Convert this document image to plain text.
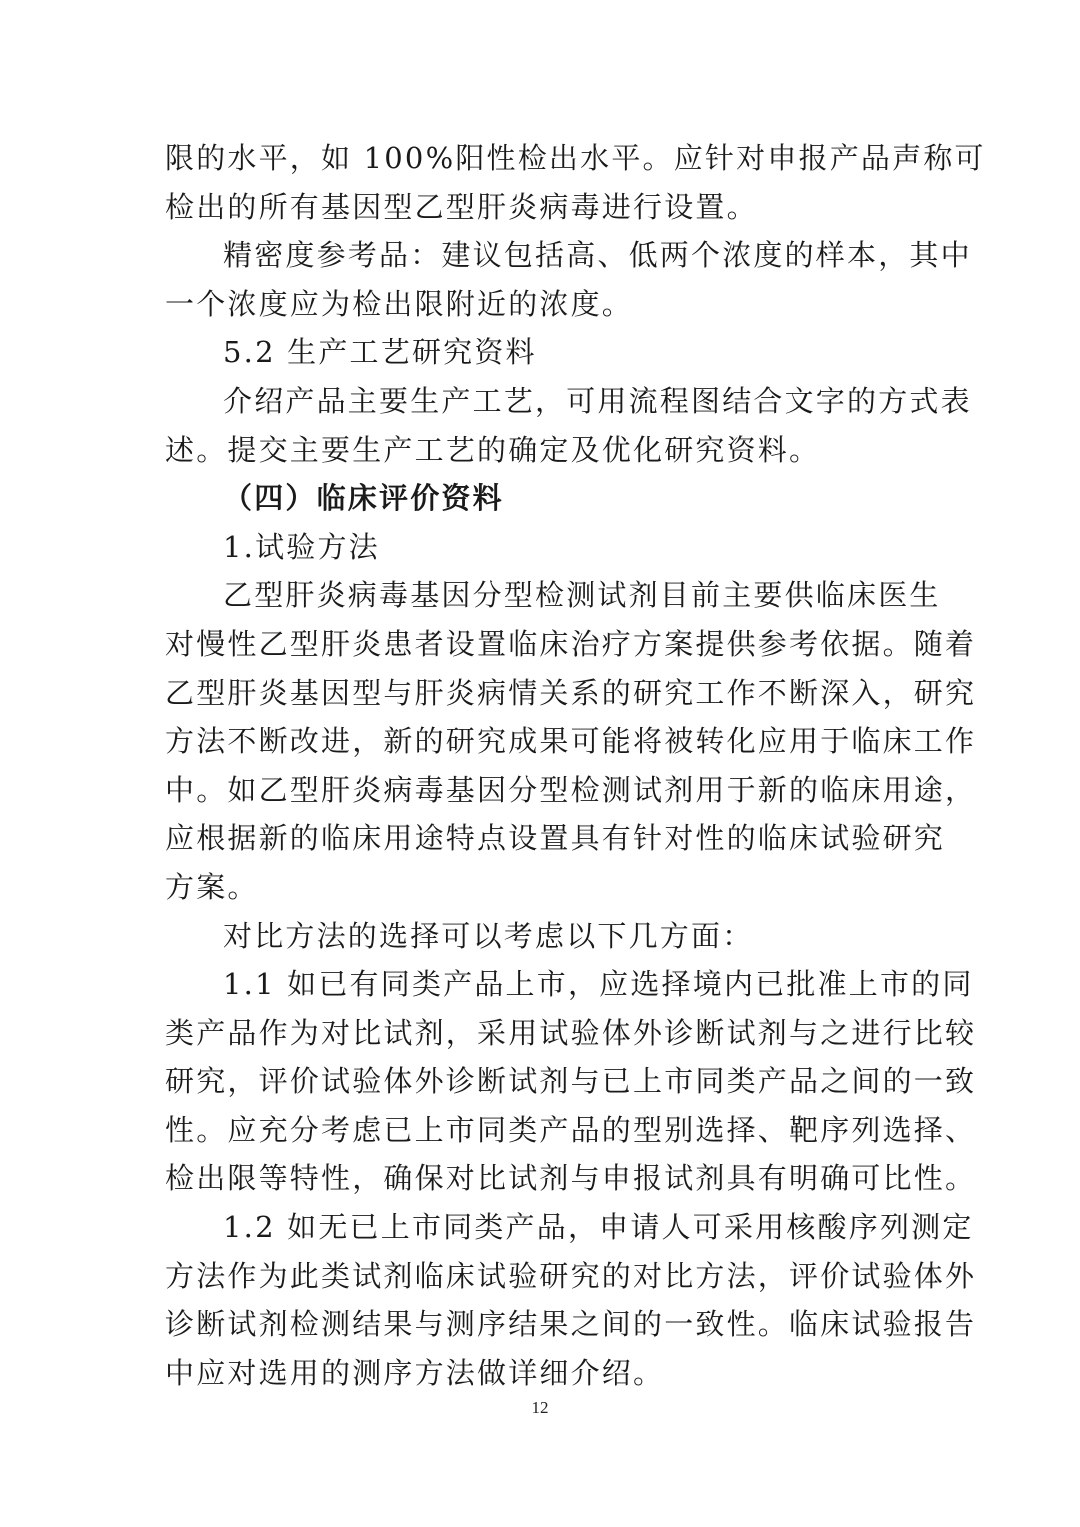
限的水平，如 100%阳性检出水平。应针对申报产品声称可
检出的所有基因型乙型肝炎病毒进行设置。

精密度参考品：建议包括高、低两个浓度的样本，其中
一个浓度应为检出限附近的浓度。

5.2 生产工艺研究资料

介绍产品主要生产工艺，可用流程图结合文字的方式表
述。提交主要生产工艺的确定及优化研究资料。

（四）临床评价资料

1.试验方法

乙型肝炎病毒基因分型检测试剂目前主要供临床医生
对慢性乙型肝炎患者设置临床治疗方案提供参考依据。随着
乙型肝炎基因型与肝炎病情关系的研究工作不断深入，研究
方法不断改进，新的研究成果可能将被转化应用于临床工作
中。如乙型肝炎病毒基因分型检测试剂用于新的临床用途，
应根据新的临床用途特点设置具有针对性的临床试验研究
方案。

对比方法的选择可以考虑以下几方面：

1.1 如已有同类产品上市，应选择境内已批准上市的同
类产品作为对比试剂，采用试验体外诊断试剂与之进行比较
研究，评价试验体外诊断试剂与已上市同类产品之间的一致
性。应充分考虑已上市同类产品的型别选择、靶序列选择、
检出限等特性，确保对比试剂与申报试剂具有明确可比性。

1.2 如无已上市同类产品，申请人可采用核酸序列测定
方法作为此类试剂临床试验研究的对比方法，评价试验体外
诊断试剂检测结果与测序结果之间的一致性。临床试验报告
中应对选用的测序方法做详细介绍。

12
